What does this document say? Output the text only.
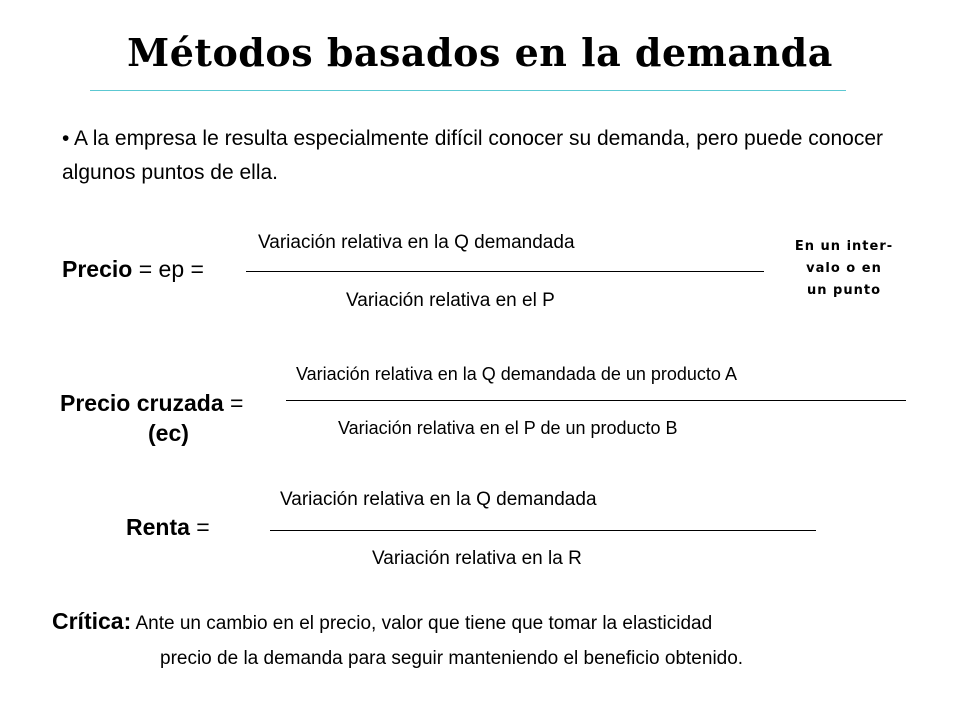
Métodos basados en la demanda
• A la empresa le resulta especialmente difícil conocer su demanda, pero puede conocer algunos puntos de ella.
Precio = ep =
Variación relativa en la Q demandada
Variación relativa en el P
En un inter-
valo o en
un punto
Precio cruzada =
(ec)
Variación relativa en la Q demandada de un producto A
Variación relativa en el P de un producto B
Renta =
Variación relativa en la Q demandada
Variación relativa en la R
Crítica: Ante un cambio en el precio, valor que tiene que tomar la elasticidad
precio de la demanda para seguir manteniendo el beneficio obtenido.
